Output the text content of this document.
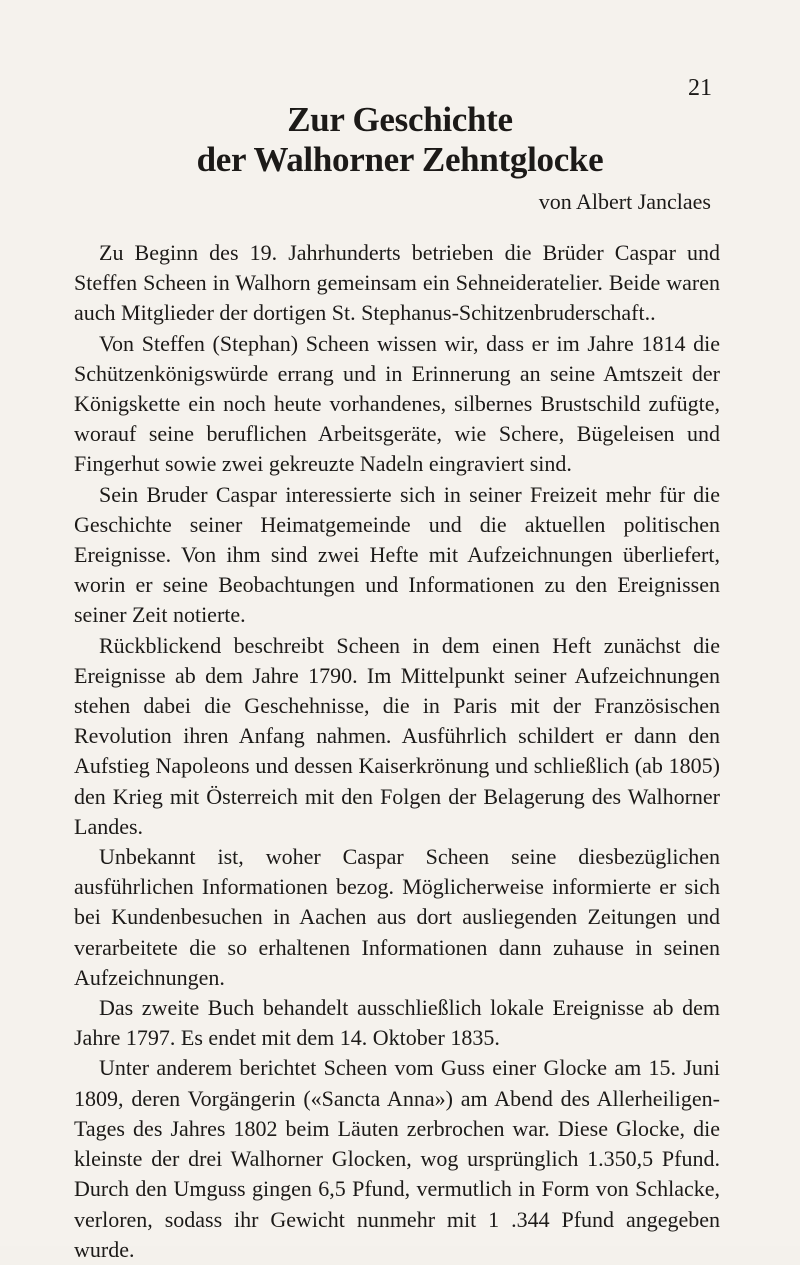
21
Zur Geschichte
der Walhorner Zehntglocke
von Albert Janclaes

Zu Beginn des 19. Jahrhunderts betrieben die Brüder Caspar und Steffen Scheen in Walhorn gemeinsam ein Sehneideratelier. Beide waren auch Mitglieder der dortigen St. Stephanus-Schitzenbruderschaft..

Von Steffen (Stephan) Scheen wissen wir, dass er im Jahre 1814 die Schützenkönigswürde errang und in Erinnerung an seine Amtszeit der Königskette ein noch heute vorhandenes, silbernes Brustschild zufügte, worauf seine beruflichen Arbeitsgeräte, wie Schere, Bügeleisen und Fingerhut sowie zwei gekreuzte Nadeln eingraviert sind.

Sein Bruder Caspar interessierte sich in seiner Freizeit mehr für die Geschichte seiner Heimatgemeinde und die aktuellen politischen Ereignisse. Von ihm sind zwei Hefte mit Aufzeichnungen überliefert, worin er seine Beobachtungen und Informationen zu den Ereignissen seiner Zeit notierte.

Rückblickend beschreibt Scheen in dem einen Heft zunächst die Ereignisse ab dem Jahre 1790. Im Mittelpunkt seiner Aufzeichnungen stehen dabei die Geschehnisse, die in Paris mit der Französischen Revolution ihren Anfang nahmen. Ausführlich schildert er dann den Aufstieg Napoleons und dessen Kaiserkrönung und schließlich (ab 1805) den Krieg mit Österreich mit den Folgen der Belagerung des Walhorner Landes.

Unbekannt ist, woher Caspar Scheen seine diesbezüglichen ausführlichen Informationen bezog. Möglicherweise informierte er sich bei Kundenbesuchen in Aachen aus dort ausliegenden Zeitungen und verarbeitete die so erhaltenen Informationen dann zuhause in seinen Aufzeichnungen.

Das zweite Buch behandelt ausschließlich lokale Ereignisse ab dem Jahre 1797. Es endet mit dem 14. Oktober 1835.

Unter anderem berichtet Scheen vom Guss einer Glocke am 15. Juni 1809, deren Vorgängerin («Sancta Anna») am Abend des Allerheiligen-Tages des Jahres 1802 beim Läuten zerbrochen war. Diese Glocke, die kleinste der drei Walhorner Glocken, wog ursprünglich 1.350,5 Pfund. Durch den Umguss gingen 6,5 Pfund, vermutlich in Form von Schlacke, verloren, sodass ihr Gewicht nunmehr mit 1 .344 Pfund angegeben wurde.
